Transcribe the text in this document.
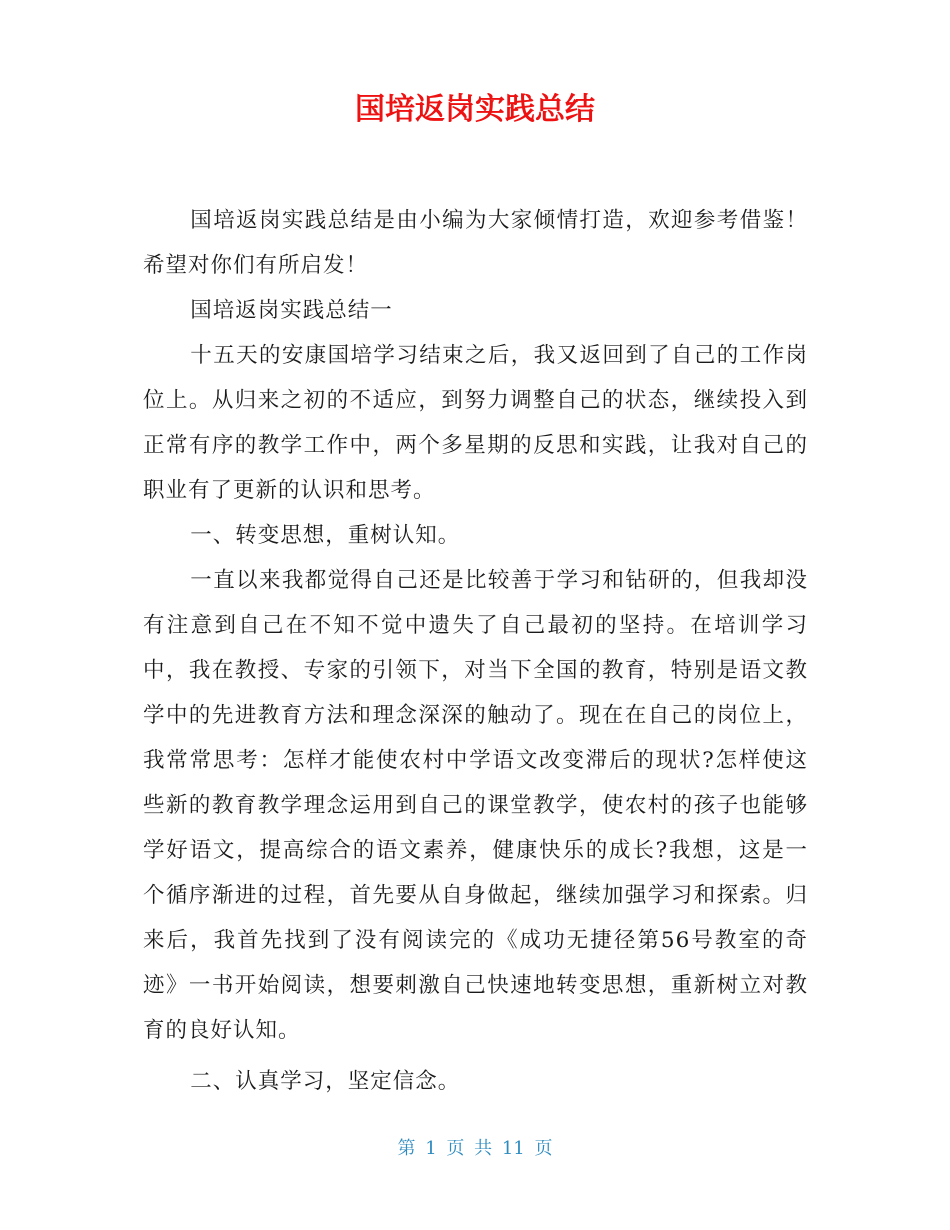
国培返岗实践总结

国培返岗实践总结是由小编为大家倾情打造，欢迎参考借鉴！希望对你们有所启发！

国培返岗实践总结一

十五天的安康国培学习结束之后，我又返回到了自己的工作岗位上。从归来之初的不适应，到努力调整自己的状态，继续投入到正常有序的教学工作中，两个多星期的反思和实践，让我对自己的职业有了更新的认识和思考。

一、转变思想，重树认知。

一直以来我都觉得自己还是比较善于学习和钻研的，但我却没有注意到自己在不知不觉中遗失了自己最初的坚持。在培训学习中，我在教授、专家的引领下，对当下全国的教育，特别是语文教学中的先进教育方法和理念深深的触动了。现在在自己的岗位上，我常常思考：怎样才能使农村中学语文改变滞后的现状?怎样使这些新的教育教学理念运用到自己的课堂教学，使农村的孩子也能够学好语文，提高综合的语文素养，健康快乐的成长?我想，这是一个循序渐进的过程，首先要从自身做起，继续加强学习和探索。归来后，我首先找到了没有阅读完的《成功无捷径第56号教室的奇迹》一书开始阅读，想要刺激自己快速地转变思想，重新树立对教育的良好认知。

二、认真学习，坚定信念。

第 1 页 共 11 页
